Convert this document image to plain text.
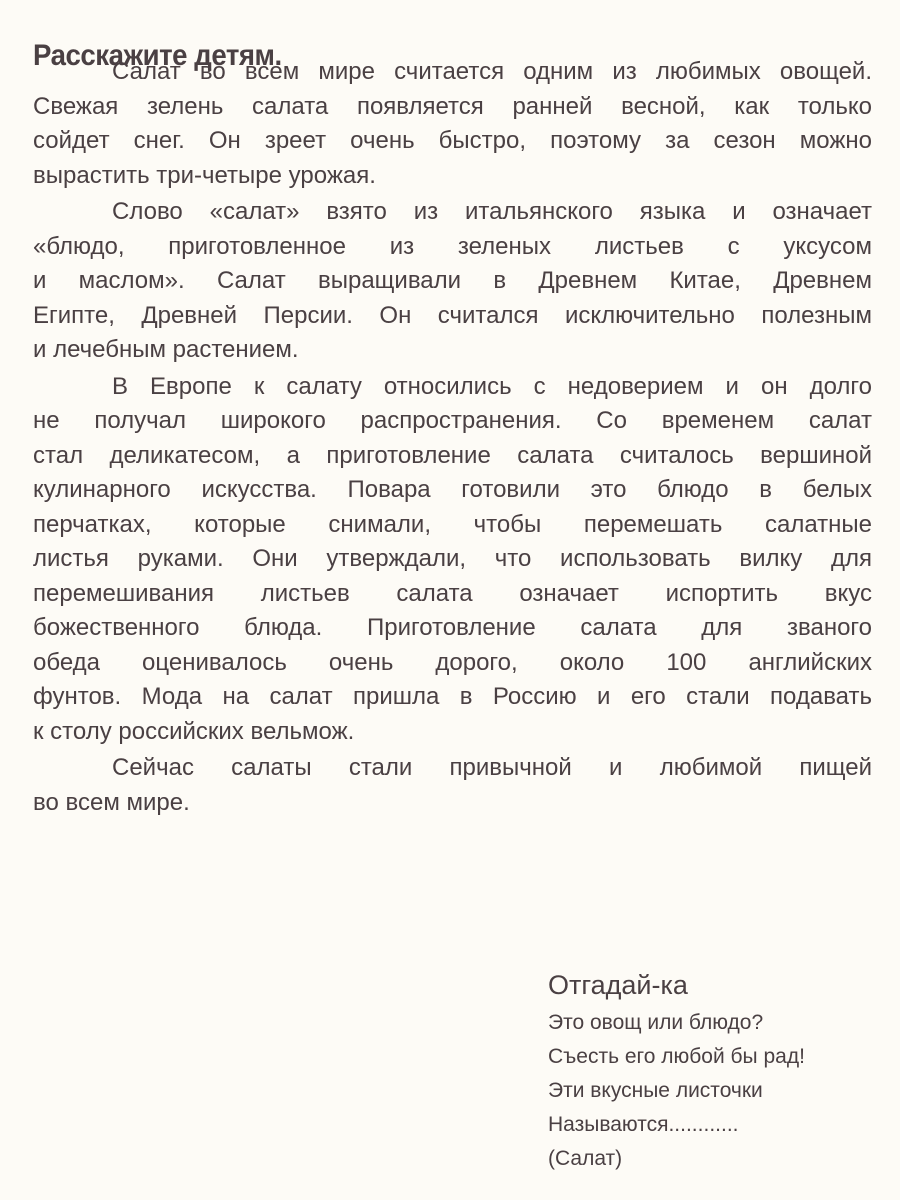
Расскажите детям.
Салат во всем мире считается одним из любимых овощей.
Свежая зелень салата появляется ранней весной, как только
сойдет снег. Он зреет очень быстро, поэтому за сезон можно
вырастить три-четыре урожая.
Слово «салат» взято из итальянского языка и означает
«блюдо, приготовленное из зеленых листьев с уксусом
и маслом». Салат выращивали в Древнем Китае, Древнем
Египте, Древней Персии. Он считался исключительно полезным
и лечебным растением.
В Европе к салату относились с недоверием и он долго
не получал широкого распространения. Со временем салат
стал деликатесом, а приготовление салата считалось вершиной
кулинарного искусства. Повара готовили это блюдо в белых
перчатках, которые снимали, чтобы перемешать салатные
листья руками. Они утверждали, что использовать вилку для
перемешивания листьев салата означает испортить вкус
божественного блюда. Приготовление салата для званого
обеда оценивалось очень дорого, около 100 английских
фунтов. Мода на салат пришла в Россию и его стали подавать
к столу российских вельмож.
Сейчас салаты стали привычной и любимой пищей
во всем мире.
Отгадай-ка
Это овощ или блюдо?
Съесть его любой бы рад!
Эти вкусные листочки
Называются............
(Салат)
